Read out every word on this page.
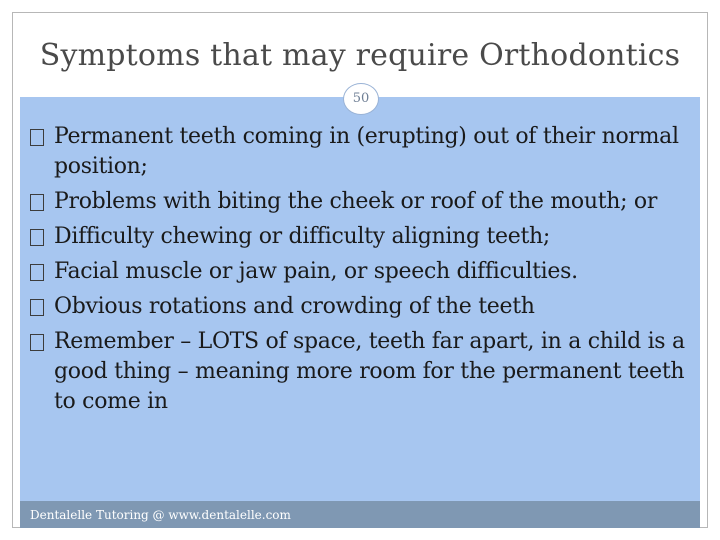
Symptoms that may require Orthodontics
50
Permanent teeth coming in (erupting) out of their normal position;
Problems with biting the cheek or roof of the mouth; or
Difficulty chewing or difficulty aligning teeth;
Facial muscle or jaw pain, or speech difficulties.
Obvious rotations and crowding of the teeth
Remember – LOTS of space, teeth far apart, in a child is a good thing – meaning more room for the permanent teeth to come in
Dentalelle Tutoring @ www.dentalelle.com
